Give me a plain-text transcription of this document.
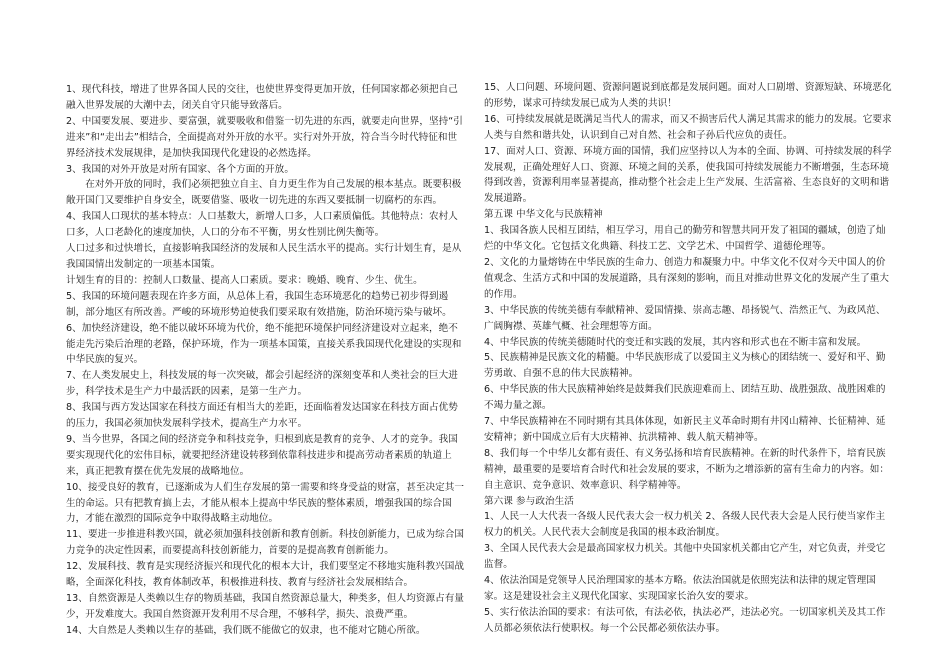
1、现代科技，增进了世界各国人民的交往，也使世界变得更加开放，任何国家都必须把自己融入世界发展的大潮中去，闭关自守只能导致落后。

2、中国要发展、要进步、要富强，就要吸收和借鉴一切先进的东西，就要走向世界，坚持“引进来”和“走出去”相结合，全面提高对外开放的水平。实行对外开放，符合当今时代特征和世界经济技术发展规律，是加快我国现代化建设的必然选择。

3、我国的对外开放是对所有国家、各个方面的开放。

在对外开放的同时，我们必须把独立自主、自力更生作为自己发展的根本基点。既要积极敞开国门又要维护自身安全，既要借鉴、吸收一切先进的东西又要抵制一切腐朽的东西。

4、我国人口现状的基本特点：人口基数大，新增人口多，人口素质偏低。其他特点：农村人口多，人口老龄化的速度加快，人口的分布不平衡，男女性别比例失衡等。

人口过多和过快增长，直接影响我国经济的发展和人民生活水平的提高。实行计划生育，是从我国国情出发制定的一项基本国策。

计划生育的目的：控制人口数量、提高人口素质。要求：晚婚、晚育、少生、优生。

5、我国的环境问题表现在许多方面，从总体上看，我国生态环境恶化的趋势已初步得到遏制，部分地区有所改善。严峻的环境形势迫使我们要采取有效措施，防治环境污染与破坏。

6、加快经济建设，绝不能以破坏环境为代价，绝不能把环境保护同经济建设对立起来，绝不能走先污染后治理的老路，保护环境，作为一项基本国策，直接关系我国现代化建设的实现和中华民族的复兴。

7、在人类发展史上，科技发展的每一次突破，都会引起经济的深刻变革和人类社会的巨大进步，科学技术是生产力中最活跃的因素，是第一生产力。

8、我国与西方发达国家在科技方面还有相当大的差距，还面临着发达国家在科技方面占优势的压力，我国必须加快发展科学技术，提高生产力水平。

9、当今世界，各国之间的经济竞争和科技竞争，归根到底是教育的竞争、人才的竞争。我国要实现现代化的宏伟目标，就要把经济建设转移到依靠科技进步和提高劳动者素质的轨道上来，真正把教育摆在优先发展的战略地位。

10、接受良好的教育，已逐渐成为人们生存发展的第一需要和终身受益的财富，甚至决定其一生的命运。只有把教育搞上去，才能从根本上提高中华民族的整体素质，增强我国的综合国力，才能在激烈的国际竞争中取得战略主动地位。

11、要进一步推进科教兴国，就必须加强科技创新和教育创新。科技创新能力，已成为综合国力竞争的决定性因素，而要提高科技创新能力，首要的是提高教育创新能力。

12、发展科技、教育是实现经济振兴和现代化的根本大计，我们要坚定不移地实施科教兴国战略，全面深化科技，教育体制改革，积极推进科技、教育与经济社会发展相结合。

13、自然资源是人类赖以生存的物质基础，我国自然资源总量大，种类多，但人均资源占有量少，开发难度大。我国自然资源开发利用不尽合理，不够科学，损失、浪费严重。

14、大自然是人类赖以生存的基础，我们既不能做它的奴隶，也不能对它随心所欲。

15、人口问题、环境问题、资源问题说到底都是发展问题。面对人口剧增、资源短缺、环境恶化的形势，谋求可持续发展已成为人类的共识！

16、可持续发展就是既满足当代人的需求，而又不损害后代人满足其需求的能力的发展。它要求人类与自然和谐共处，认识到自己对自然、社会和子孙后代应负的责任。

17、面对人口、资源、环境方面的国情，我们应坚持以人为本的全面、协调、可持续发展的科学发展观，正确处理好人口、资源、环境之间的关系，使我国可持续发展能力不断增强，生态环境得到改善，资源利用率显著提高，推动整个社会走上生产发展、生活富裕、生态良好的文明和谐发展道路。

第五课 中华文化与民族精神

1、我国各族人民相互团结，相互学习，用自己的勤劳和智慧共同开发了祖国的疆域，创造了灿烂的中华文化。它包括文化典籍、科技工艺、文学艺术、中国哲学、道德伦理等。

2、文化的力量熔铸在中华民族的生命力、创造力和凝聚力中。中华文化不仅对今天中国人的价值观念、生活方式和中国的发展道路，具有深刻的影响，而且对推动世界文化的发展产生了重大的作用。

3、中华民族的传统美德有奉献精神、爱国情操、崇高志趣、昂扬锐气、浩然正气、为政风范、广阔胸襟、英雄气概、社会理想等方面。

4、中华民族的传统美德随时代的变迁和实践的发展，其内容和形式也在不断丰富和发展。

5、民族精神是民族文化的精髓。中华民族形成了以爱国主义为核心的团结统一、爱好和平、勤劳勇敢、自强不息的伟大民族精神。

6、中华民族的伟大民族精神始终是鼓舞我们民族迎难而上、团结互助、战胜强敌、战胜困难的不竭力量之源。

7、中华民族精神在不同时期有其具体体现，如新民主义革命时期有井冈山精神、长征精神、延安精神；新中国成立后有大庆精神、抗洪精神、载人航天精神等。

8、我们每一个中华儿女都有责任、有义务弘扬和培育民族精神。在新的时代条件下，培育民族精神，最重要的是要培育合时代和社会发展的要求，不断为之增添新的富有生命力的内容。如：自主意识、竞争意识、效率意识、科学精神等。

第六课 参与政治生活

1、人民一人大代表一各级人民代表大会一权力机关 2、各级人民代表大会是人民行使当家作主权力的机关。人民代表大会制度是我国的根本政治制度。

3、全国人民代表大会是最高国家权力机关。其他中央国家机关都由它产生，对它负责，并受它监督。

4、依法治国是党领导人民治理国家的基本方略。依法治国就是依照宪法和法律的规定管理国家。这是建设社会主义现代化国家、实现国家长治久安的要求。

5、实行依法治国的要求：有法可依，有法必依，执法必严，违法必究。一切国家机关及其工作人员都必须依法行使职权。每一个公民都必须依法办事。
